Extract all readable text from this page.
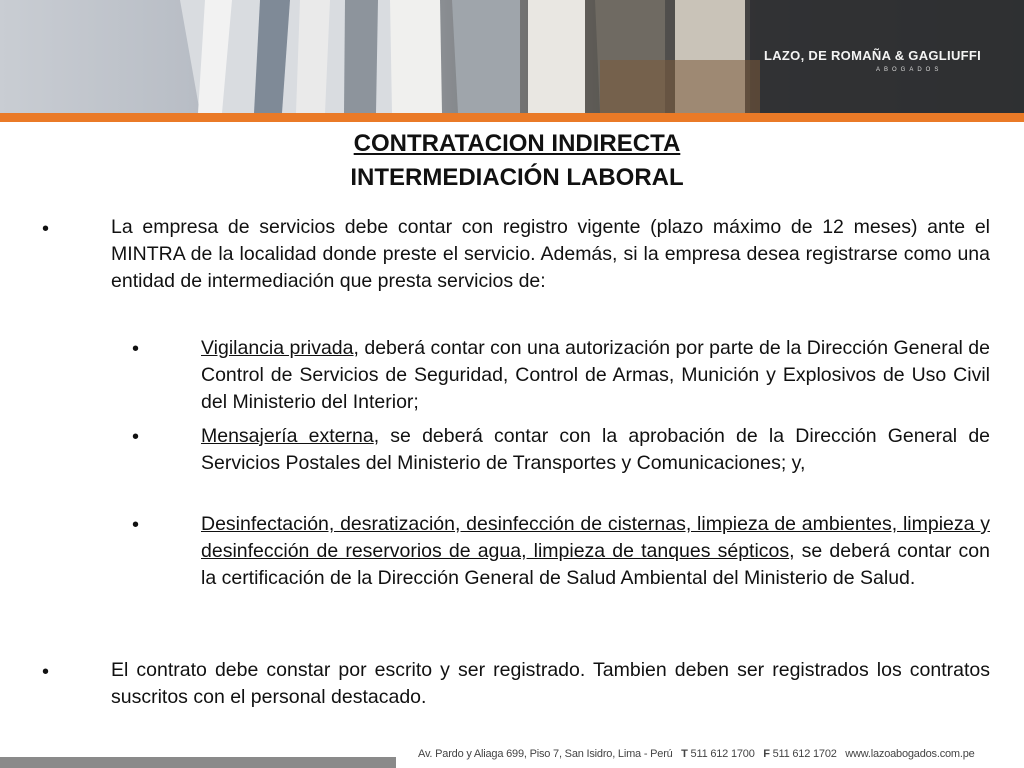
LAZO, DE ROMAÑA & GAGLIUFFI
ABOGADOS
CONTRATACION INDIRECTA
INTERMEDIACIÓN LABORAL
•	La empresa de servicios debe contar con registro vigente (plazo máximo de 12 meses) ante el MINTRA de la localidad donde preste el servicio. Además, si la empresa desea registrarse como una entidad de intermediación que presta servicios de:
•	Vigilancia privada, deberá contar con una autorización por parte de la Dirección General de Control de Servicios de Seguridad, Control de Armas, Munición y Explosivos de Uso Civil del Ministerio del Interior;
•	Mensajería externa, se deberá contar con la aprobación de la Dirección General de Servicios Postales del Ministerio de Transportes y Comunicaciones; y,
•	Desinfectación, desratización, desinfección de cisternas, limpieza de ambientes, limpieza y desinfección de reservorios de agua, limpieza de tanques sépticos, se deberá contar con la certificación de la Dirección General de Salud Ambiental del Ministerio de Salud.
•	El contrato debe constar por escrito y ser registrado. Tambien deben ser registrados los contratos suscritos con el personal destacado.
Av. Pardo y Aliaga 699, Piso 7, San Isidro, Lima - Perú T 511 612 1700 F 511 612 1702 www.lazoabogados.com.pe
